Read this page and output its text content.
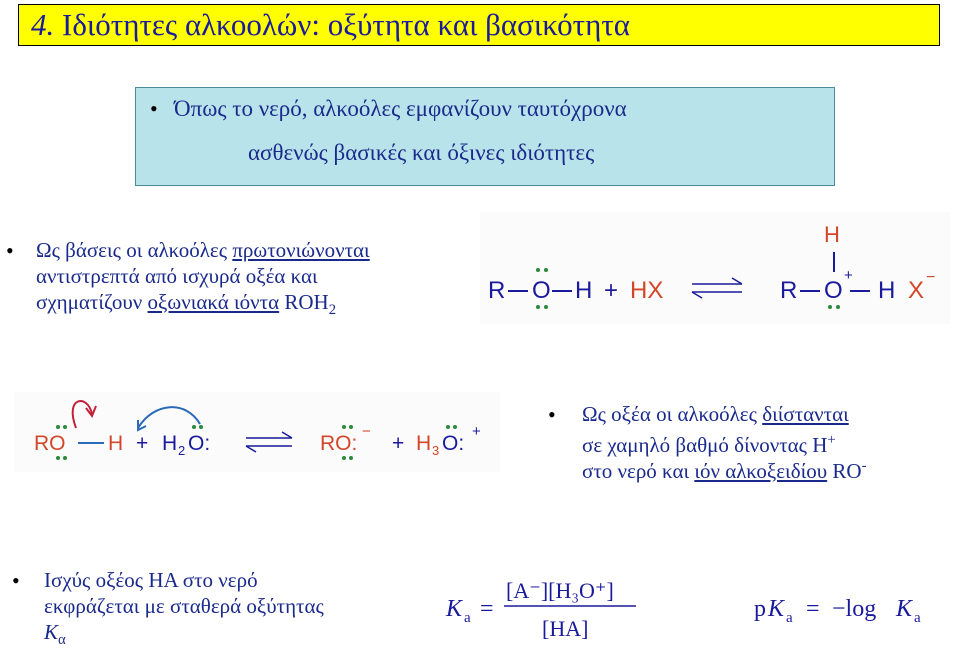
4. Ιδιότητες αλκοολών: οξύτητα και βασικότητα
• Όπως το νερό, αλκοόλες εμφανίζουν ταυτόχρονα
ασθενώς βασικές και όξινες ιδιότητες
• Ως βάσεις οι αλκοόλες πρωτονιώνονται
αντιστρεπτά από ισχυρά οξέα και
σχηματίζουν οξωνιακά ιόντα $ROH_2$
R O H + HX	R O
+
H
H X −
RO H + H 2 O:	RO:
−
+ H 3 O:
+
• Ως οξέα οι αλκοόλες διίστανται
σε χαμηλό βαθμό δίνοντας Η+
στο νερό και ιόν αλκοξειδίου RO-
• Ισχύς οξέος ΗΑ στο νερό
εκφράζεται με σταθερά οξύτητας
$K_\alpha$
K a =
[A⁻][H₃O⁺]
[HA]
p K a = −log K a
